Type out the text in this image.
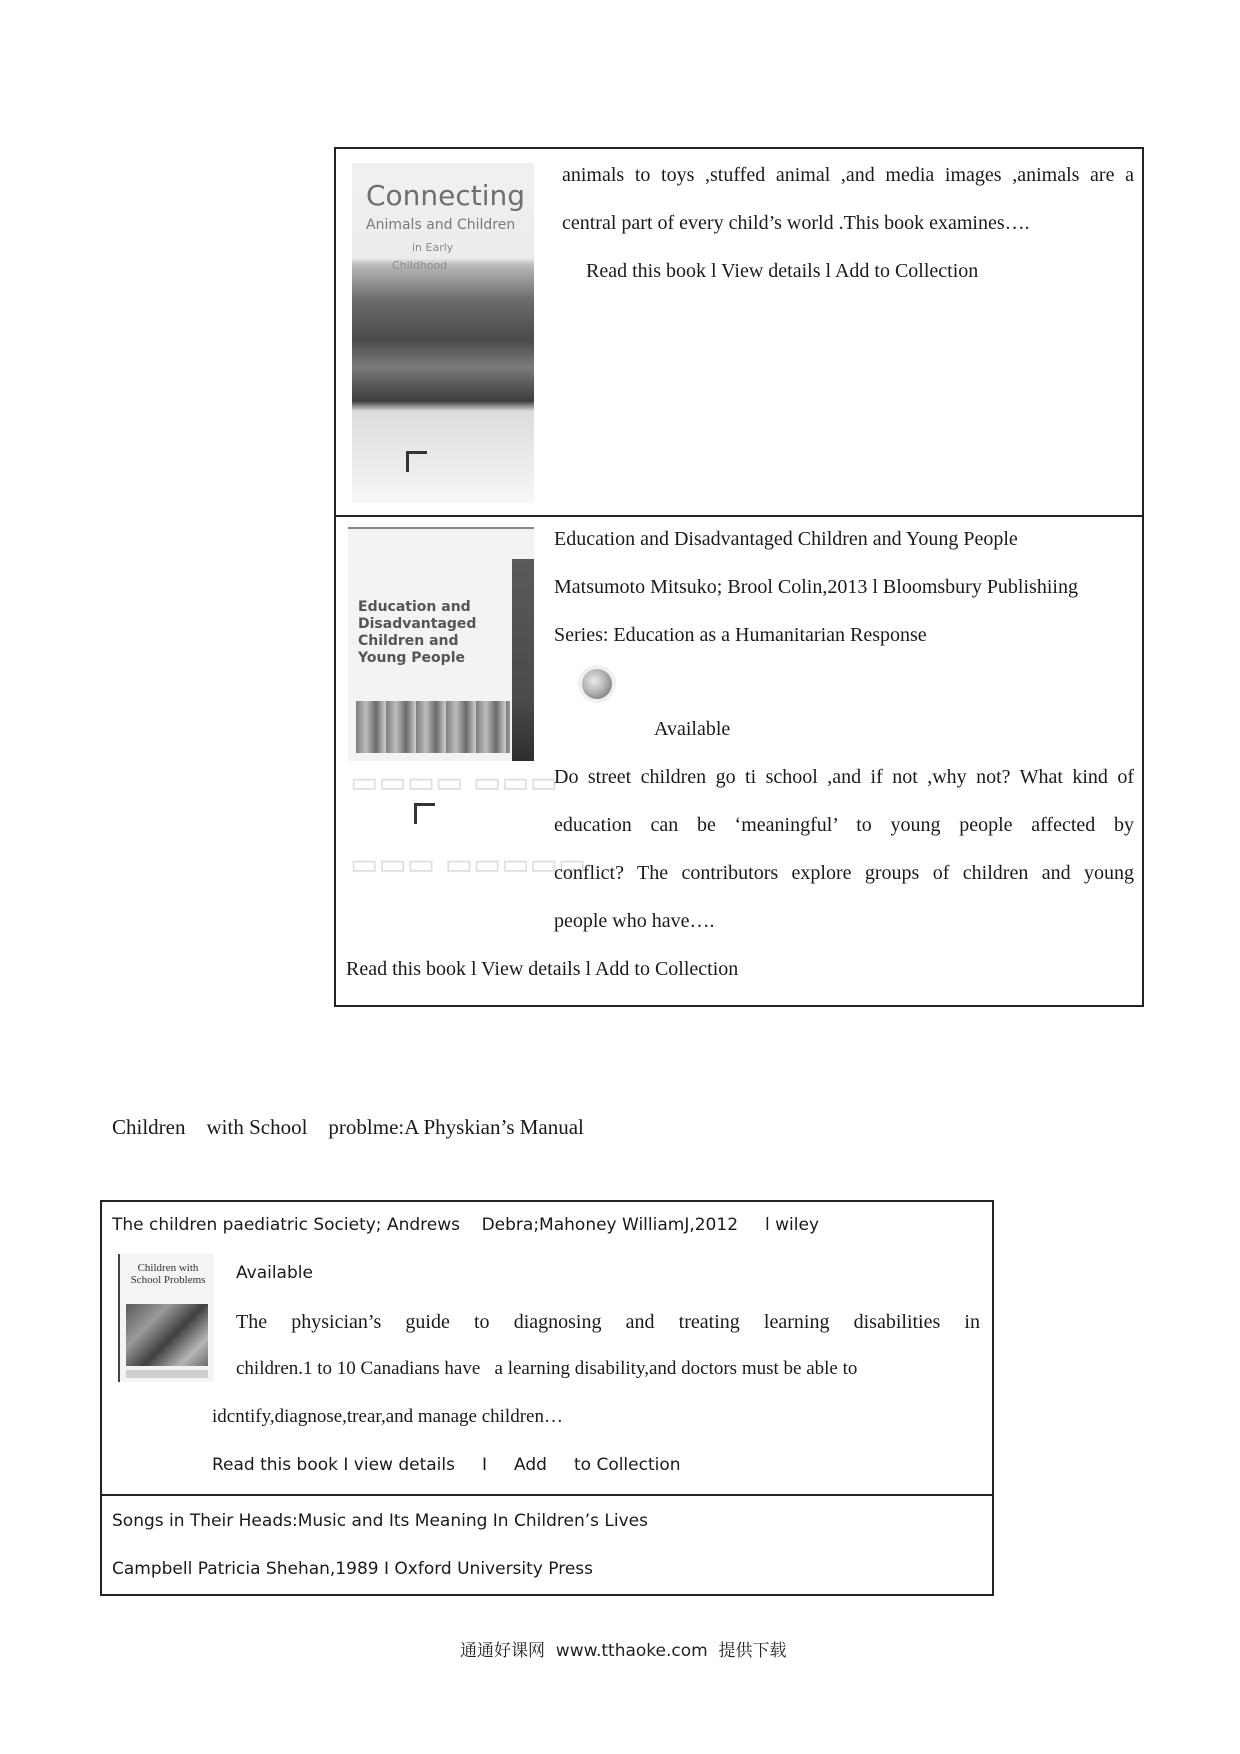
Connecting
Animals and Children
in Early
Childhood
animals to toys ,stuffed animal ,and media images ,animals are a
central part of every child’s world .This book examines….
Read this book l View details l Add to Collection
Education and Disadvantaged Children and Young People
▭▭▭▭ ▭▭▭
▭▭▭ ▭▭▭▭▭
Education and Disadvantaged Children and Young People
Matsumoto Mitsuko; Brool Colin,2013 l Bloomsbury Publishiing
Series: Education as a Humanitarian Response
Available
Do street children go ti school ,and if not ,why not? What kind of
education can be ‘meaningful’ to young people affected by
conflict? The contributors explore groups of children and young
people who have….
Read this book l View details l Add to Collection
Children    with School    problme:A Physkian’s Manual
The children paediatric Society; Andrews    Debra;Mahoney WilliamJ,2012     l wiley
Children with School Problems Available
The physician’s guide to diagnosing and treating learning disabilities in
children.1 to 10 Canadians have   a learning disability,and doctors must be able to
idcntify,diagnose,trear,and manage children…
Read this book I view details     I     Add     to Collection
Songs in Their Heads:Music and Its Meaning In Children’s Lives
Campbell Patricia Shehan,1989 I Oxford University Press
通通好课网  www.tthaoke.com  提供下载
